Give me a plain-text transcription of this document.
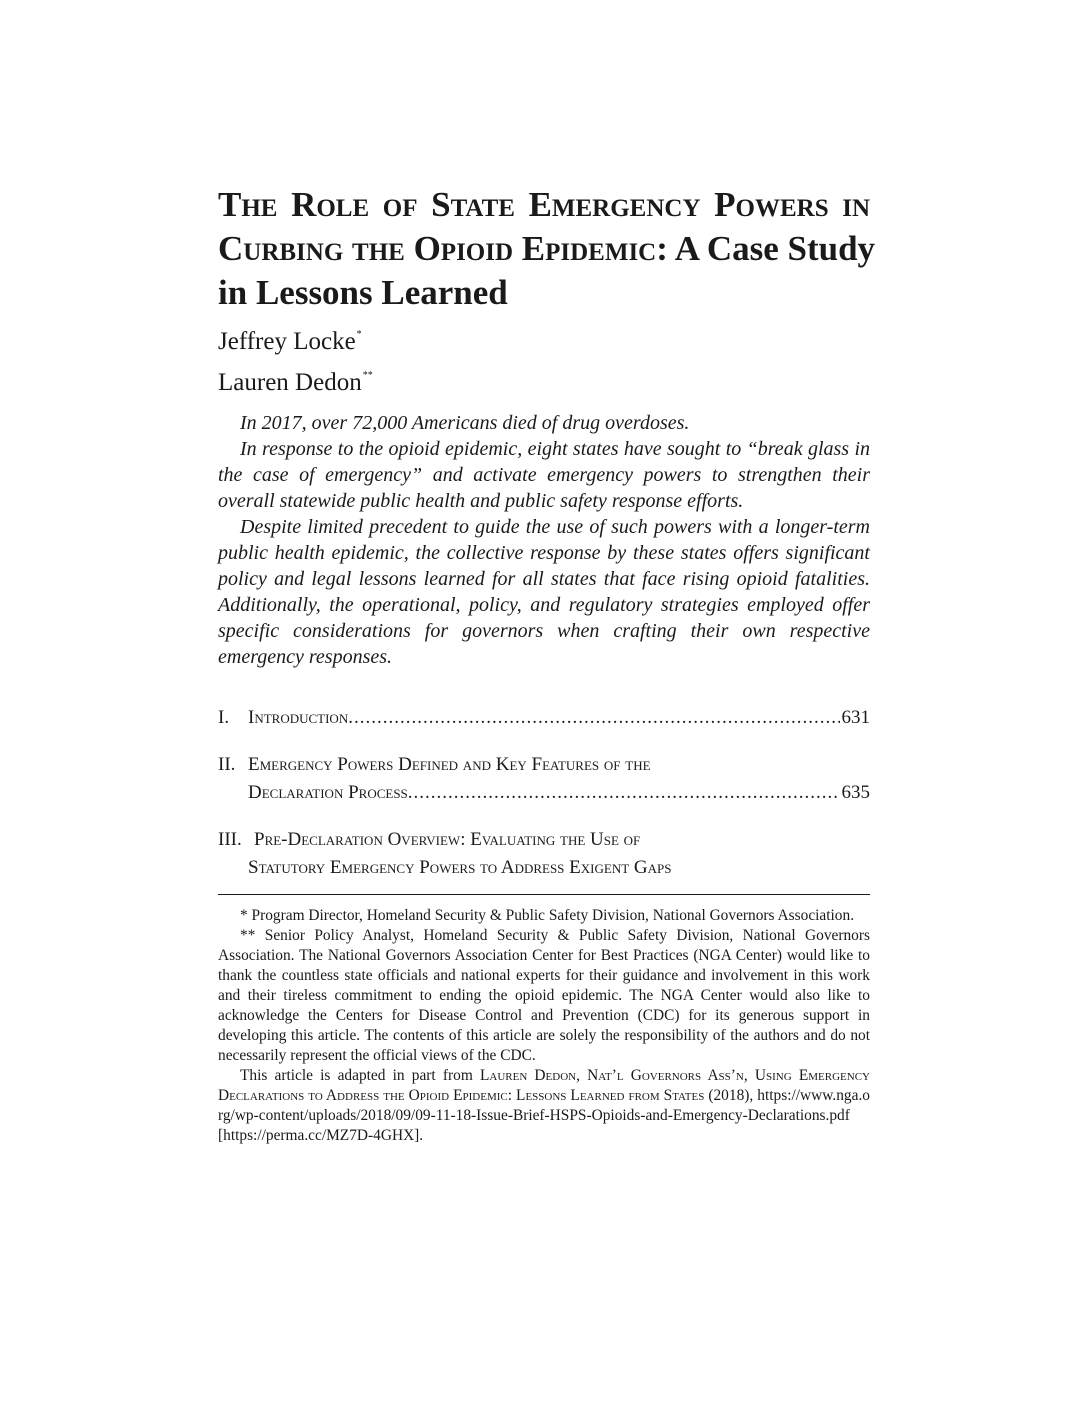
The Role of State Emergency Powers in
Curbing the Opioid Epidemic: A Case Study
in Lessons Learned
Jeffrey Locke*
Lauren Dedon**

In 2017, over 72,000 Americans died of drug overdoses.

In response to the opioid epidemic, eight states have sought to “break glass in the case of emergency” and activate emergency powers to strengthen their overall statewide public health and public safety response efforts.

Despite limited precedent to guide the use of such powers with a longer-term public health epidemic, the collective response by these states offers significant policy and legal lessons learned for all states that face rising opioid fatalities. Additionally, the operational, policy, and regulatory strategies employed offer specific considerations for governors when crafting their own respective emergency responses.

I. Introduction .....	631
II. Emergency Powers Defined and Key Features of the
Declaration Process .....	635
III. Pre-Declaration Overview: Evaluating the Use of
Statutory Emergency Powers to Address Exigent Gaps

* Program Director, Homeland Security & Public Safety Division, National Governors Association.

** Senior Policy Analyst, Homeland Security & Public Safety Division, National Governors Association. The National Governors Association Center for Best Practices (NGA Center) would like to thank the countless state officials and national experts for their guidance and involvement in this work and their tireless commitment to ending the opioid epidemic. The NGA Center would also like to acknowledge the Centers for Disease Control and Prevention (CDC) for its generous support in developing this article. The contents of this article are solely the responsibility of the authors and do not necessarily represent the official views of the CDC.

This article is adapted in part from Lauren Dedon, Nat’l Governors Ass’n, Using Emergency Declarations to Address the Opioid Epidemic: Lessons Learned from States (2018), https://www.nga.org/wp-content/uploads/2018/09/09-11-18-Issue-Brief-HSPS-Opioids-and-Emergency-Declarations.pdf [https://perma.cc/MZ7D-4GHX].
